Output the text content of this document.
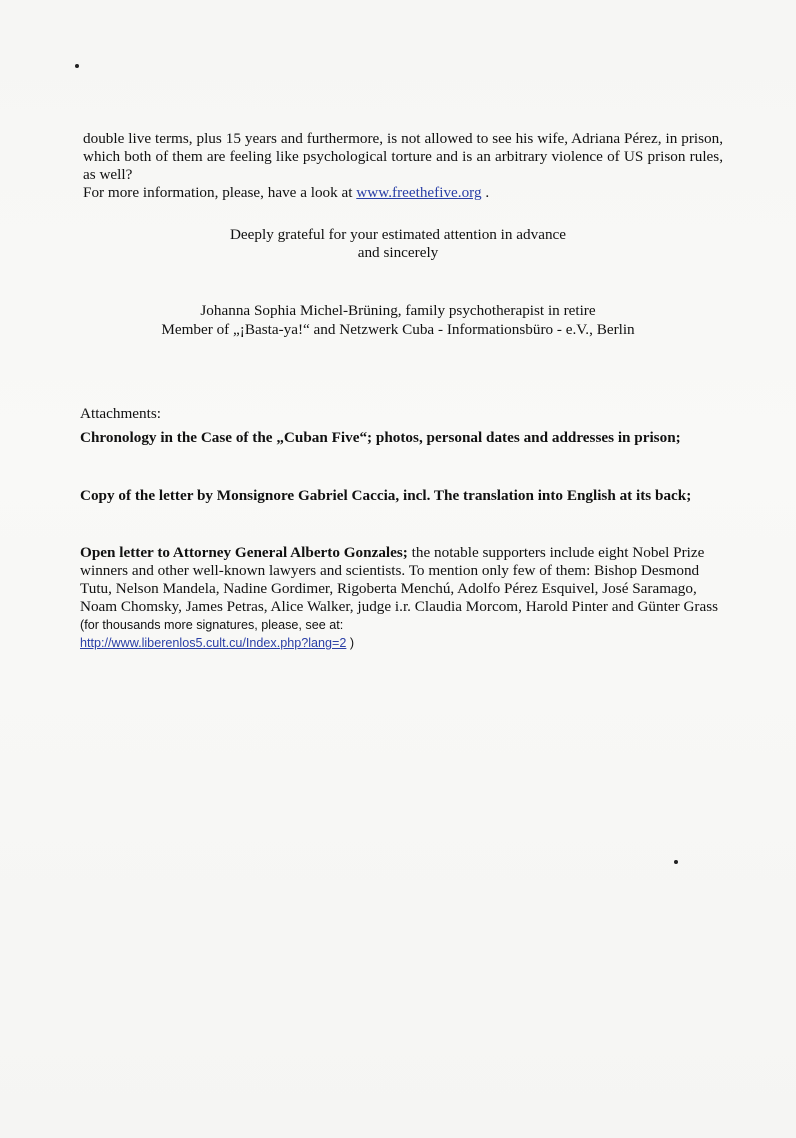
double live terms, plus 15 years and furthermore, is not allowed to see his wife, Adriana Pérez, in prison, which both of them are feeling like psychological torture and is an arbitrary violence of US prison rules, as well?
For more information, please, have a look at www.freethefive.org .
Deeply grateful for your estimated attention in advance
and sincerely
Johanna Sophia Michel-Brüning, family psychotherapist in retire
Member of „¡Basta-ya!“ and Netzwerk Cuba - Informationsbüro - e.V., Berlin
Attachments:
Chronology in the Case of the „Cuban Five“; photos, personal dates and addresses in prison;
Copy of the letter by Monsignore Gabriel Caccia, incl. The translation into English at its back;
Open letter to Attorney General Alberto Gonzales; the notable supporters include eight Nobel Prize winners and other well-known lawyers and scientists. To mention only few of them: Bishop Desmond Tutu, Nelson Mandela, Nadine Gordimer, Rigoberta Menchú, Adolfo Pérez Esquivel, José Saramago, Noam Chomsky, James Petras, Alice Walker, judge i.r. Claudia Morcom, Harold Pinter and Günter Grass (for thousands more signatures, please, see at:
http://www.liberenlos5.cult.cu/Index.php?lang=2 )
